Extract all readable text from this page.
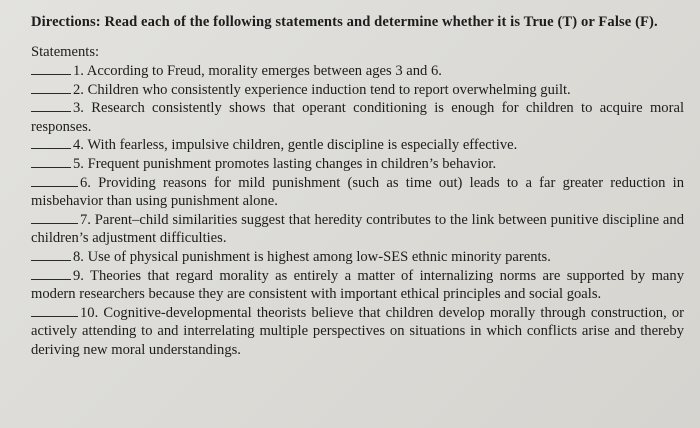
Directions: Read each of the following statements and determine whether it is True (T) or False (F).

Statements:

1. According to Freud, morality emerges between ages 3 and 6.

2. Children who consistently experience induction tend to report overwhelming guilt.

3. Research consistently shows that operant conditioning is enough for children to acquire moral responses.

4. With fearless, impulsive children, gentle discipline is especially effective.

5. Frequent punishment promotes lasting changes in children’s behavior.

6. Providing reasons for mild punishment (such as time out) leads to a far greater reduction in misbehavior than using punishment alone.

7. Parent–child similarities suggest that heredity contributes to the link between punitive discipline and children’s adjustment difficulties.

8. Use of physical punishment is highest among low-SES ethnic minority parents.

9. Theories that regard morality as entirely a matter of internalizing norms are supported by many modern researchers because they are consistent with important ethical principles and social goals.

10. Cognitive-developmental theorists believe that children develop morally through construction, or actively attending to and interrelating multiple perspectives on situations in which conflicts arise and thereby deriving new moral understandings.
